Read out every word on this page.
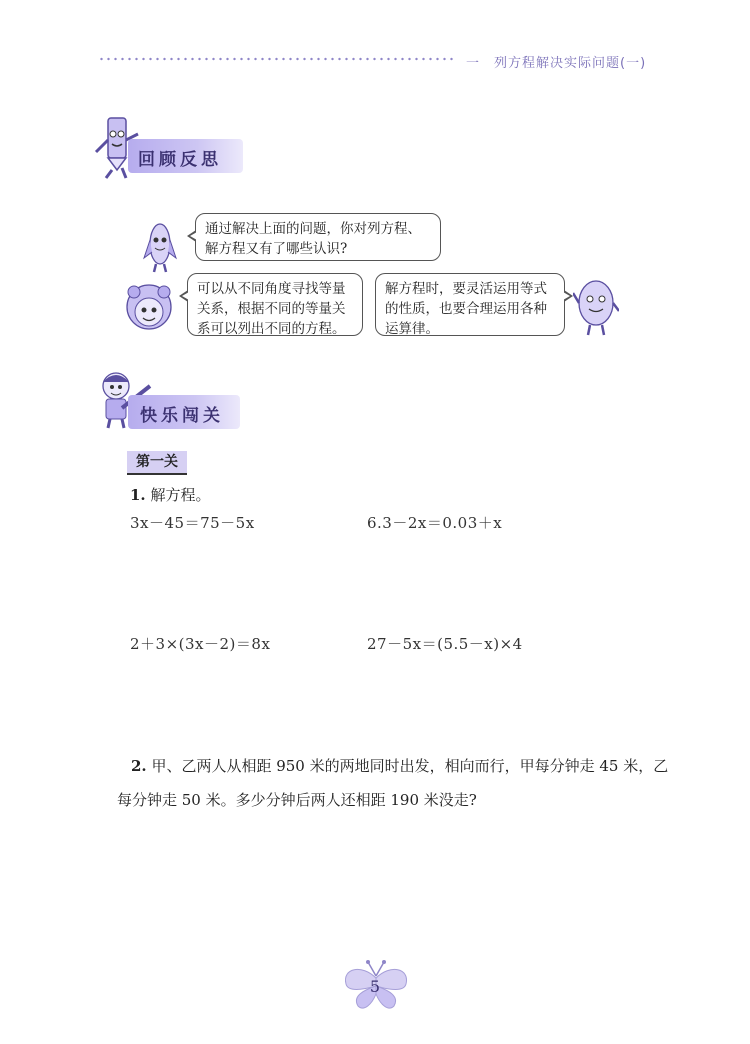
一　列方程解决实际问题(一)
回顾反思
通过解决上面的问题，你对列方程、解方程又有了哪些认识?
可以从不同角度寻找等量关系，根据不同的等量关系可以列出不同的方程。
解方程时，要灵活运用等式的性质，也要合理运用各种运算律。
快乐闯关
第一关
1. 解方程。
3x－45＝75－5x	6.3－2x＝0.03＋x
2＋3×(3x－2)＝8x	27－5x＝(5.5－x)×4
2. 甲、乙两人从相距 950 米的两地同时出发，相向而行，甲每分钟走 45 米，乙每分钟走 50 米。多少分钟后两人还相距 190 米没走?
5
